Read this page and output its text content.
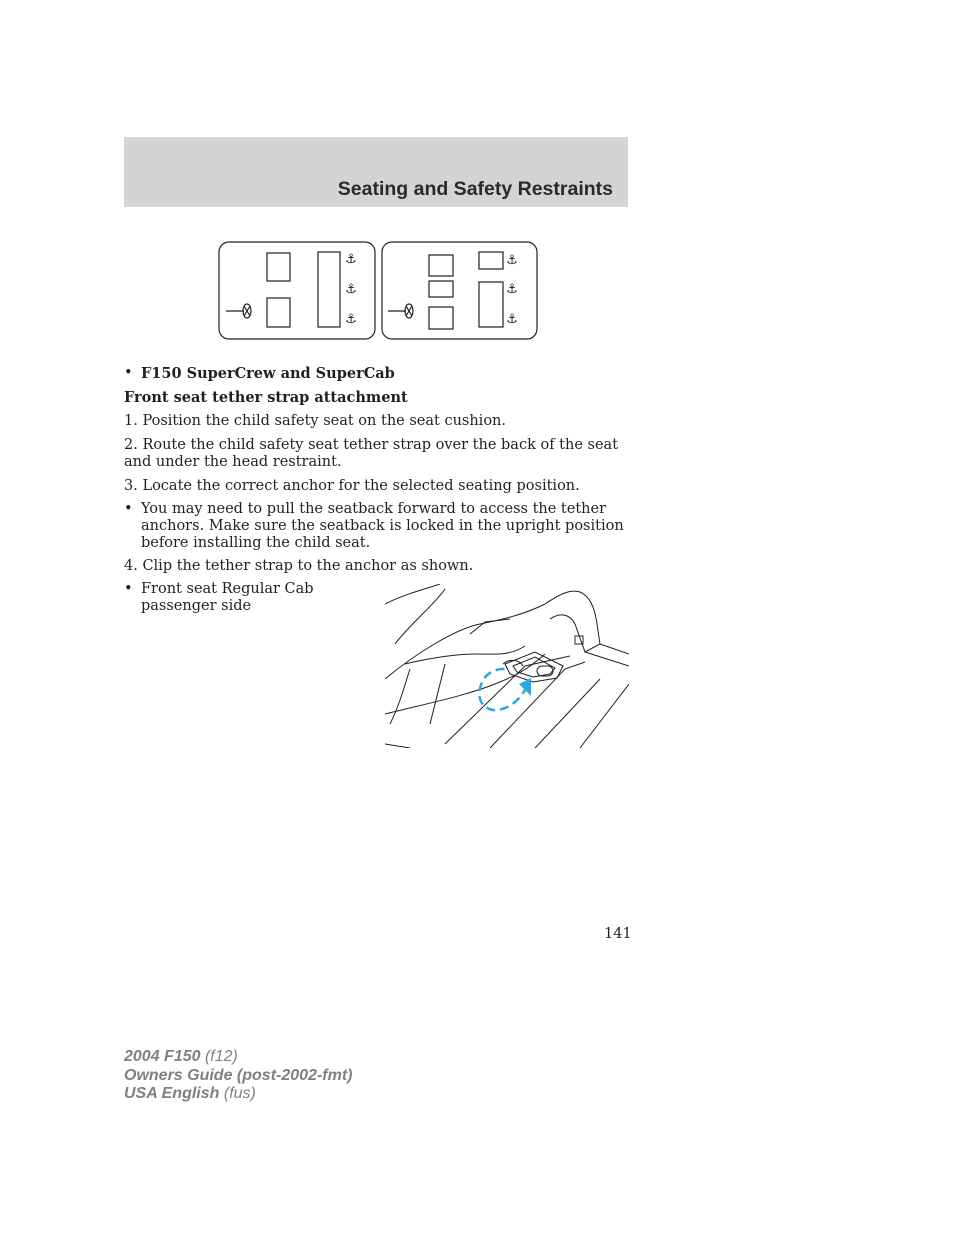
Seating and Safety Restraints
⚓
⚓
⚓
⚓
⚓
⚓
• F150 SuperCrew and SuperCab
Front seat tether strap attachment
1. Position the child safety seat on the seat cushion.
2. Route the child safety seat tether strap over the back of the seat and under the head restraint.
3. Locate the correct anchor for the selected seating position.
• You may need to pull the seatback forward to access the tether anchors. Make sure the seatback is locked in the upright position before installing the child seat.
4. Clip the tether strap to the anchor as shown.
• Front seat Regular Cab passenger side
141
2004 F150 (f12)
Owners Guide (post-2002-fmt)
USA English (fus)
